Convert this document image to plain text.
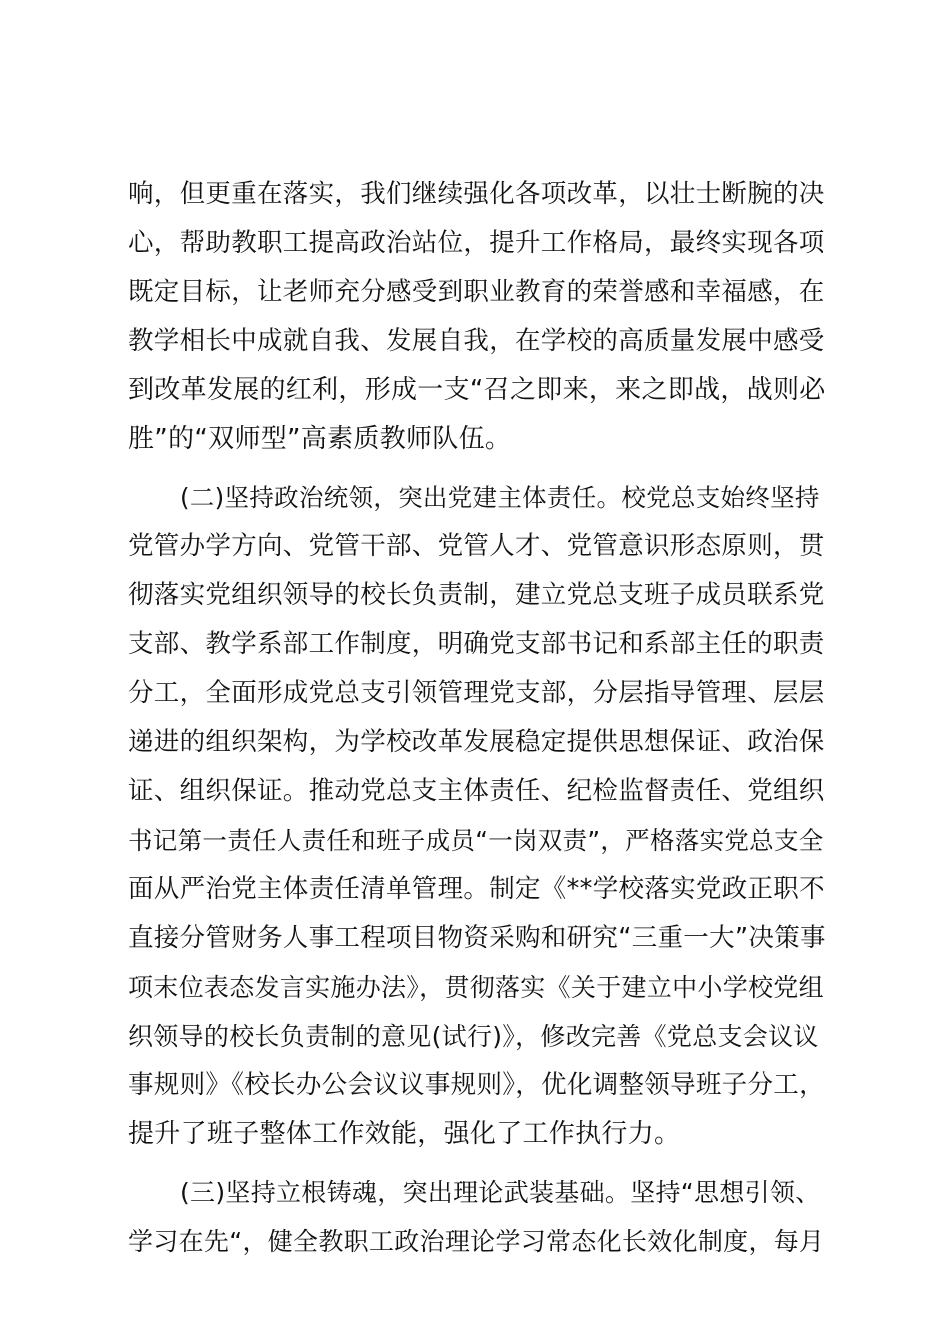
响，但更重在落实，我们继续强化各项改革，以壮士断腕的决
心，帮助教职工提高政治站位，提升工作格局，最终实现各项
既定目标，让老师充分感受到职业教育的荣誉感和幸福感，在
教学相长中成就自我、发展自我，在学校的高质量发展中感受
到改革发展的红利，形成一支“召之即来，来之即战，战则必
胜”的“双师型”高素质教师队伍。
(二)坚持政治统领，突出党建主体责任。校党总支始终坚持
党管办学方向、党管干部、党管人才、党管意识形态原则，贯
彻落实党组织领导的校长负责制，建立党总支班子成员联系党
支部、教学系部工作制度，明确党支部书记和系部主任的职责
分工，全面形成党总支引领管理党支部，分层指导管理、层层
递进的组织架构，为学校改革发展稳定提供思想保证、政治保
证、组织保证。推动党总支主体责任、纪检监督责任、党组织
书记第一责任人责任和班子成员“一岗双责”，严格落实党总支全
面从严治党主体责任清单管理。制定《**学校落实党政正职不
直接分管财务人事工程项目物资采购和研究“三重一大”决策事
项末位表态发言实施办法》，贯彻落实《关于建立中小学校党组
织领导的校长负责制的意见(试行)》，修改完善《党总支会议议
事规则》《校长办公会议议事规则》，优化调整领导班子分工，
提升了班子整体工作效能，强化了工作执行力。
(三)坚持立根铸魂，突出理论武装基础。坚持“思想引领、
学习在先“，健全教职工政治理论学习常态化长效化制度，每月
